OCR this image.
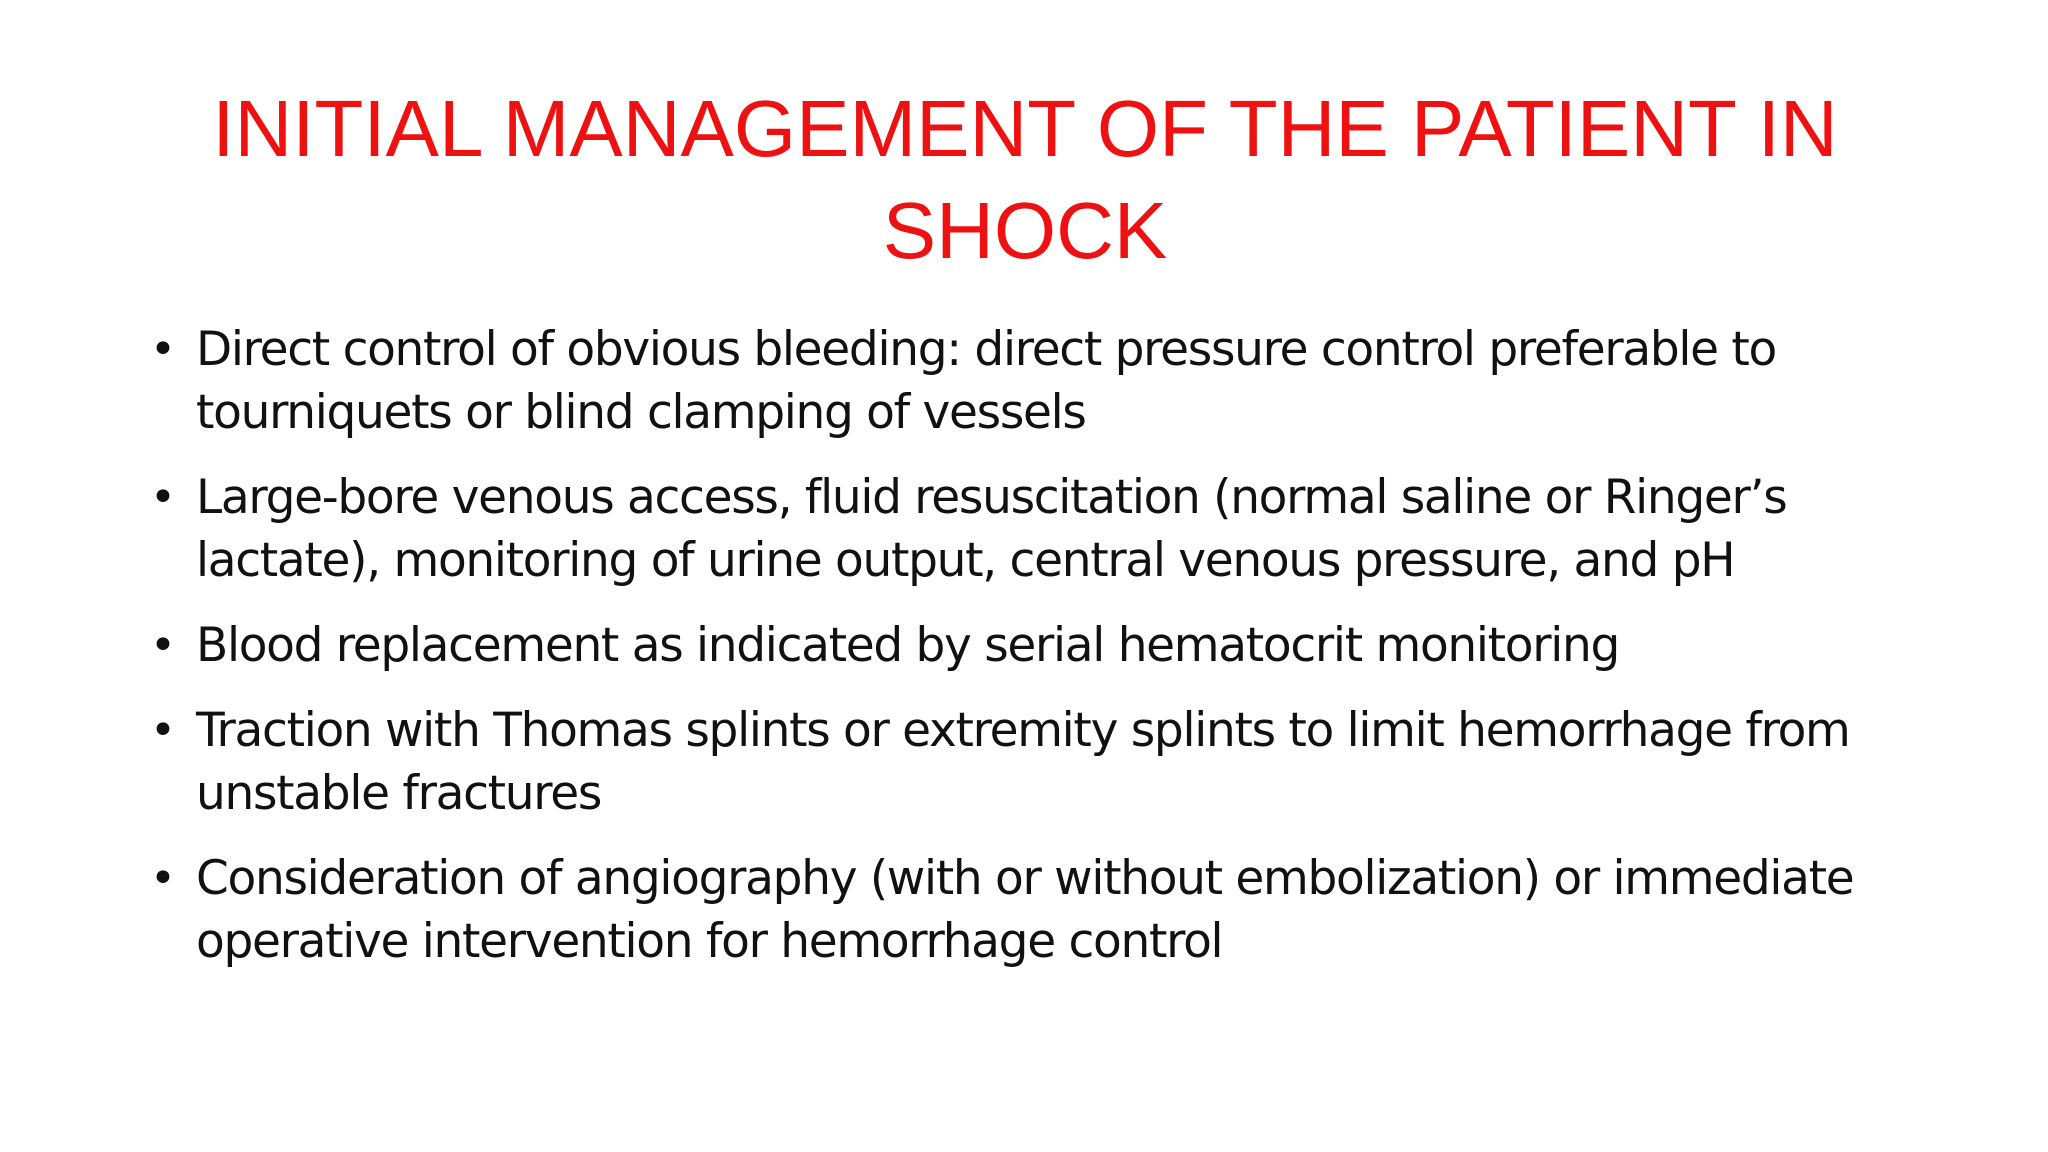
INITIAL MANAGEMENT OF THE PATIENT IN SHOCK
• Direct control of obvious bleeding: direct pressure control preferable to tourniquets or blind clamping of vessels
• Large-bore venous access, fluid resuscitation (normal saline or Ringer’s lactate), monitoring of urine output, central venous pressure, and pH
• Blood replacement as indicated by serial hematocrit monitoring
• Traction with Thomas splints or extremity splints to limit hemorrhage from unstable fractures
• Consideration of angiography (with or without embolization) or immediate operative intervention for hemorrhage control
